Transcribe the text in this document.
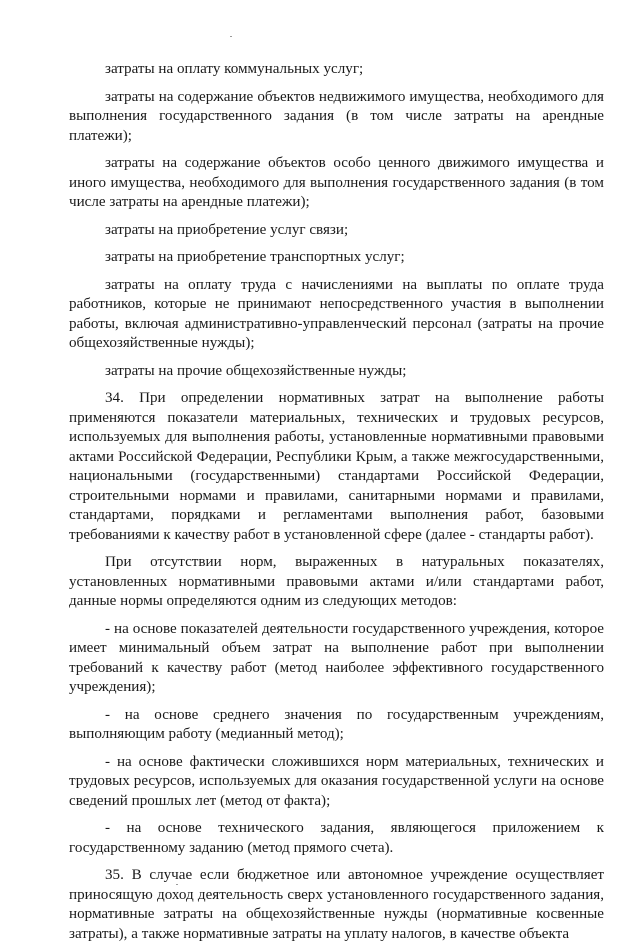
затраты на оплату коммунальных услуг;

затраты на содержание объектов недвижимого имущества, необходимого для выполнения государственного задания (в том числе затраты на арендные платежи);

затраты на содержание объектов особо ценного движимого имущества и иного имущества, необходимого для выполнения государственного задания (в том числе затраты на арендные платежи);

затраты на приобретение услуг связи;

затраты на приобретение транспортных услуг;

затраты на оплату труда с начислениями на выплаты по оплате труда работников, которые не принимают непосредственного участия в выполнении работы, включая административно-управленческий персонал (затраты на прочие общехозяйственные нужды);

затраты на прочие общехозяйственные нужды;

34. При определении нормативных затрат на выполнение работы применяются показатели материальных, технических и трудовых ресурсов, используемых для выполнения работы, установленные нормативными правовыми актами Российской Федерации, Республики Крым, а также межгосударственными, национальными (государственными) стандартами Российской Федерации, строительными нормами и правилами, санитарными нормами и правилами, стандартами, порядками и регламентами выполнения работ, базовыми требованиями к качеству работ в установленной сфере (далее - стандарты работ).

При отсутствии норм, выраженных в натуральных показателях, установленных нормативными правовыми актами и/или стандартами работ, данные нормы определяются одним из следующих методов:

- на основе показателей деятельности государственного учреждения, которое имеет минимальный объем затрат на выполнение работ при выполнении требований к качеству работ (метод наиболее эффективного государственного учреждения);

- на основе среднего значения по государственным учреждениям, выполняющим работу (медианный метод);

- на основе фактически сложившихся норм материальных, технических и трудовых ресурсов, используемых для оказания государственной услуги на основе сведений прошлых лет (метод от факта);

- на основе технического задания, являющегося приложением к государственному заданию (метод прямого счета).

35. В случае если бюджетное или автономное учреждение осуществляет приносящую доход деятельность сверх установленного государственного задания, нормативные затраты на общехозяйственные нужды (нормативные косвенные затраты), а также нормативные затраты на уплату налогов, в качестве объекта
